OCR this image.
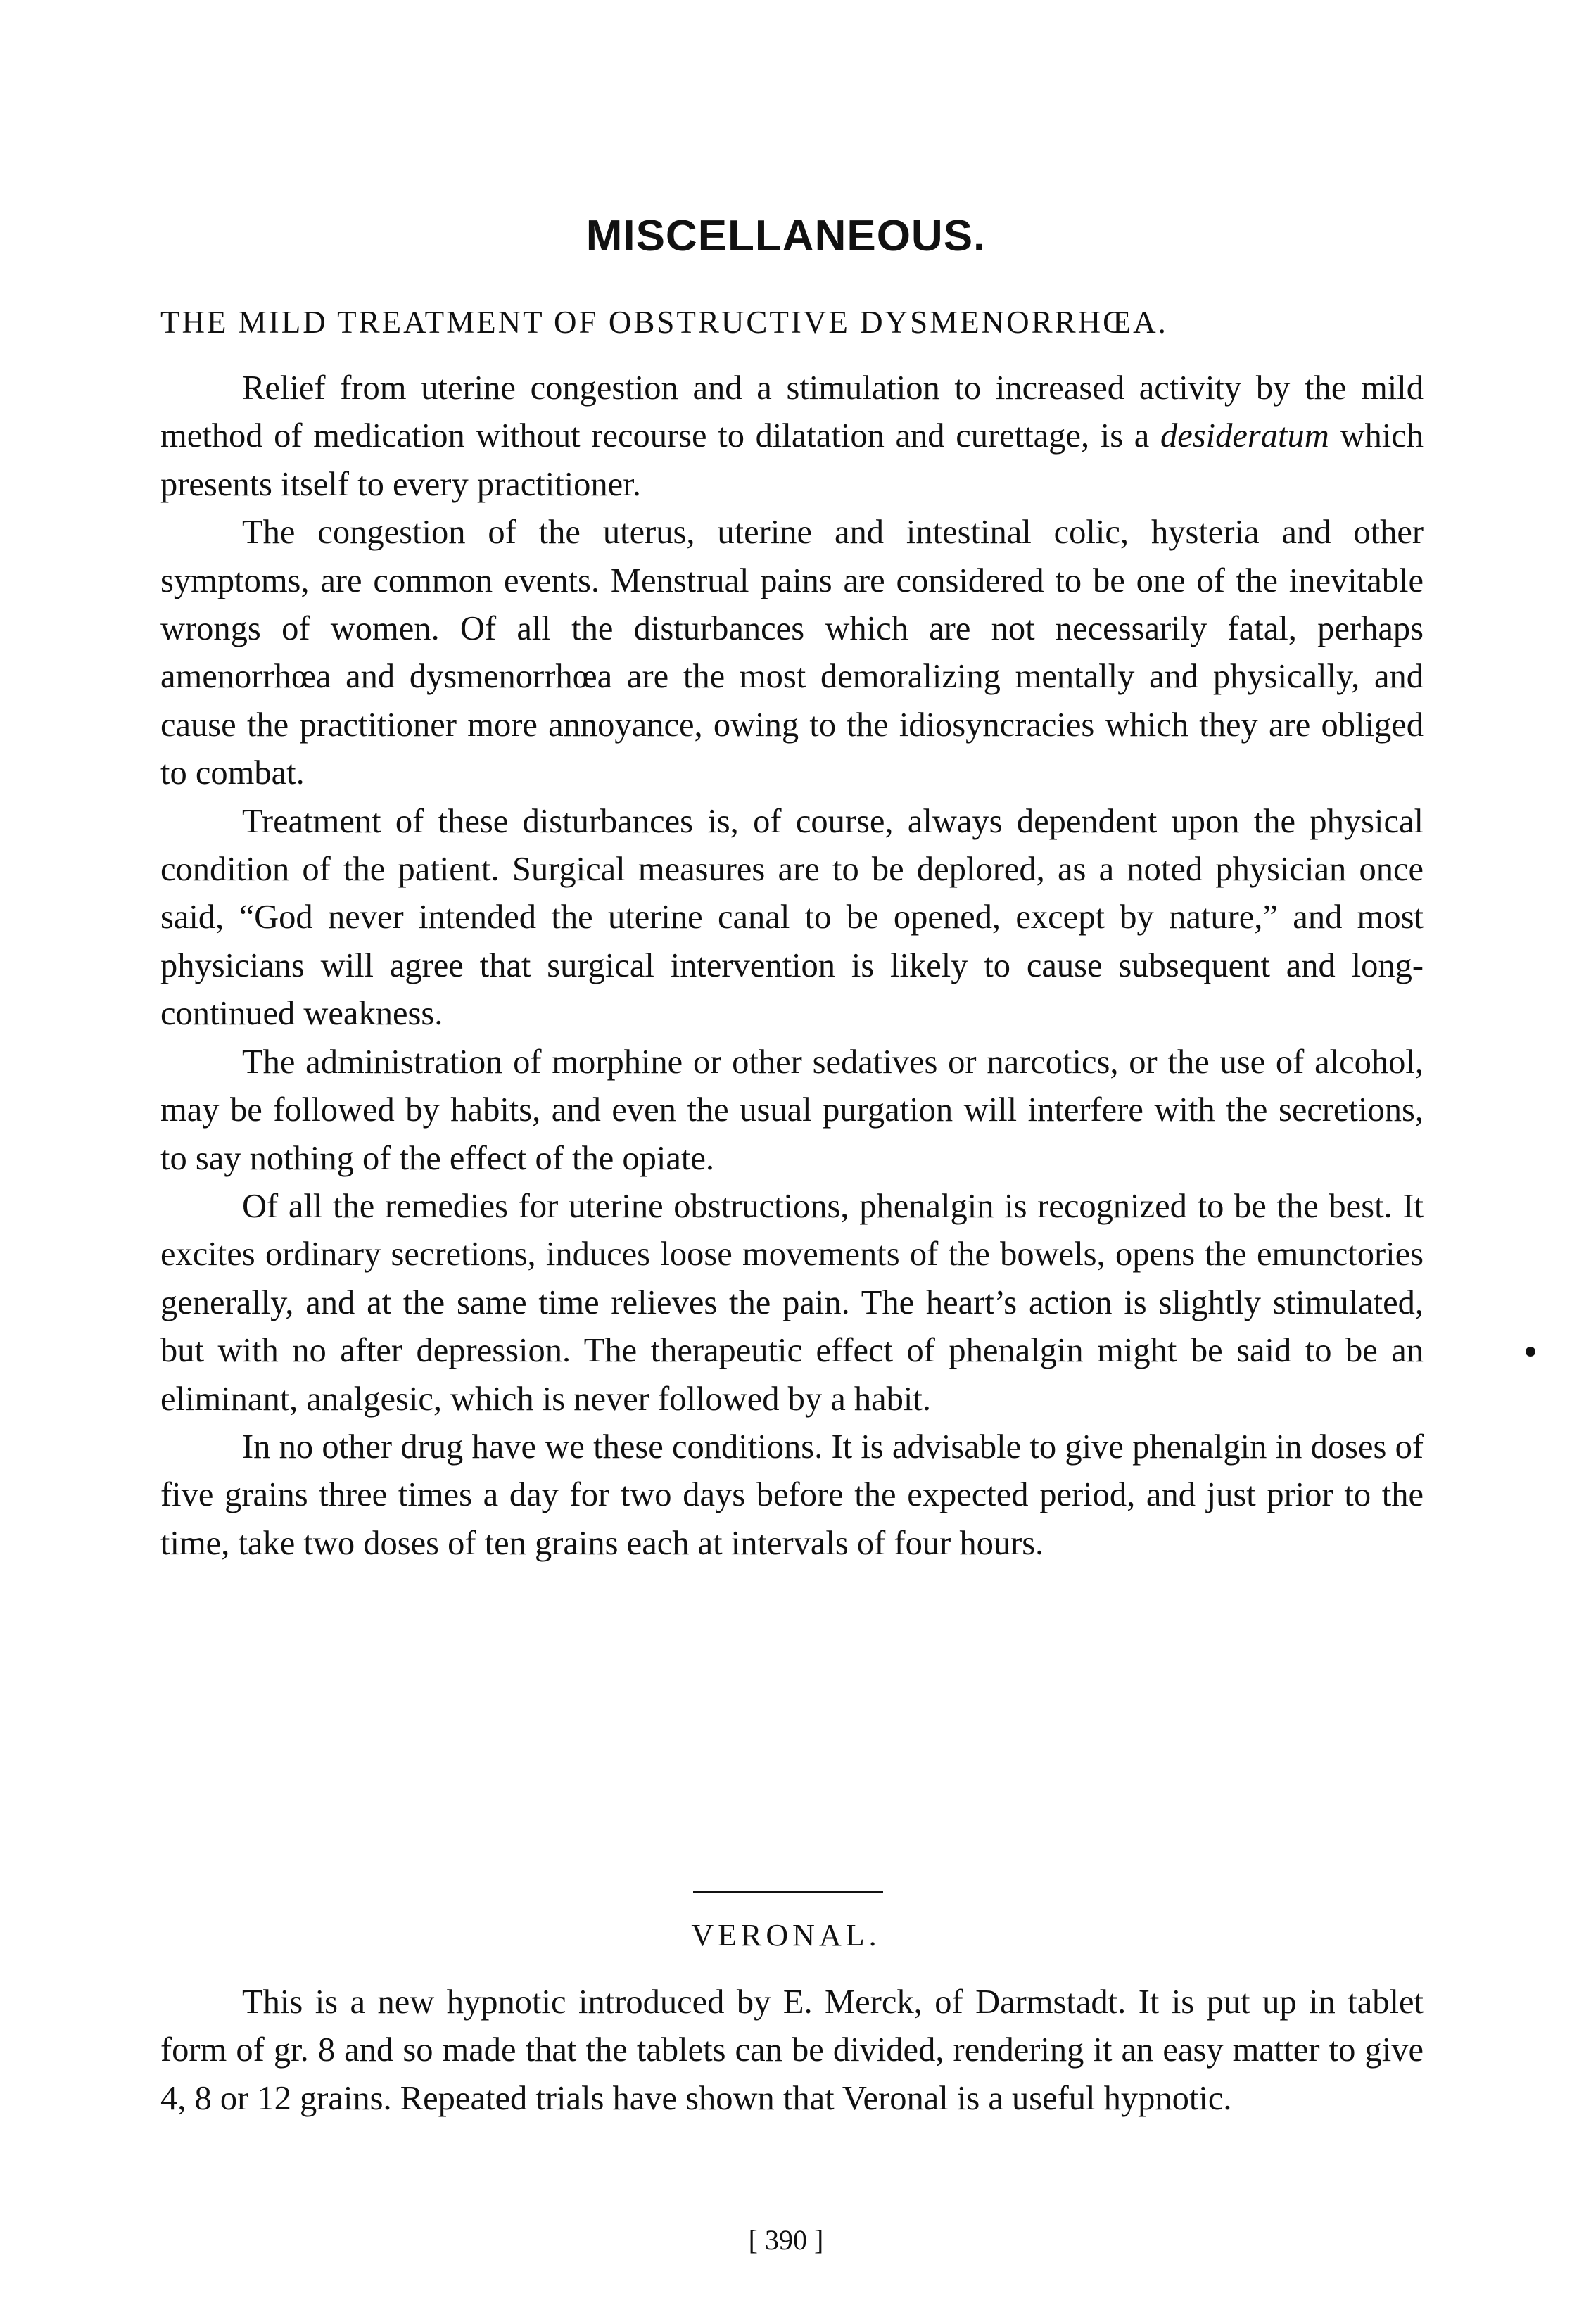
MISCELLANEOUS.
THE MILD TREATMENT OF OBSTRUCTIVE DYSMENORRHŒA.

Relief from uterine congestion and a stimulation to increased activity by the mild method of medication without recourse to dilatation and curettage, is a desideratum which presents itself to every practitioner.

The congestion of the uterus, uterine and intestinal colic, hysteria and other symptoms, are common events. Menstrual pains are considered to be one of the inevitable wrongs of women. Of all the disturbances which are not necessarily fatal, perhaps amenorrhœa and dysmenorrhœa are the most demoralizing mentally and physically, and cause the practitioner more annoyance, owing to the idiosyncracies which they are obliged to combat.

Treatment of these disturbances is, of course, always dependent upon the physical condition of the patient. Surgical measures are to be deplored, as a noted physician once said, “God never intended the uterine canal to be opened, except by nature,” and most physicians will agree that surgical intervention is likely to cause subsequent and long-continued weakness.

The administration of morphine or other sedatives or narcotics, or the use of alcohol, may be followed by habits, and even the usual purgation will interfere with the secretions, to say nothing of the effect of the opiate.

Of all the remedies for uterine obstructions, phenalgin is recognized to be the best. It excites ordinary secretions, induces loose movements of the bowels, opens the emunctories generally, and at the same time relieves the pain. The heart’s action is slightly stimulated, but with no after depression. The therapeutic effect of phenalgin might be said to be an eliminant, analgesic, which is never followed by a habit.

In no other drug have we these conditions. It is advisable to give phenalgin in doses of five grains three times a day for two days before the expected period, and just prior to the time, take two doses of ten grains each at intervals of four hours.

VERONAL.

This is a new hypnotic introduced by E. Merck, of Darmstadt. It is put up in tablet form of gr. 8 and so made that the tablets can be divided, rendering it an easy matter to give 4, 8 or 12 grains. Repeated trials have shown that Veronal is a useful hypnotic.

[ 390 ]
